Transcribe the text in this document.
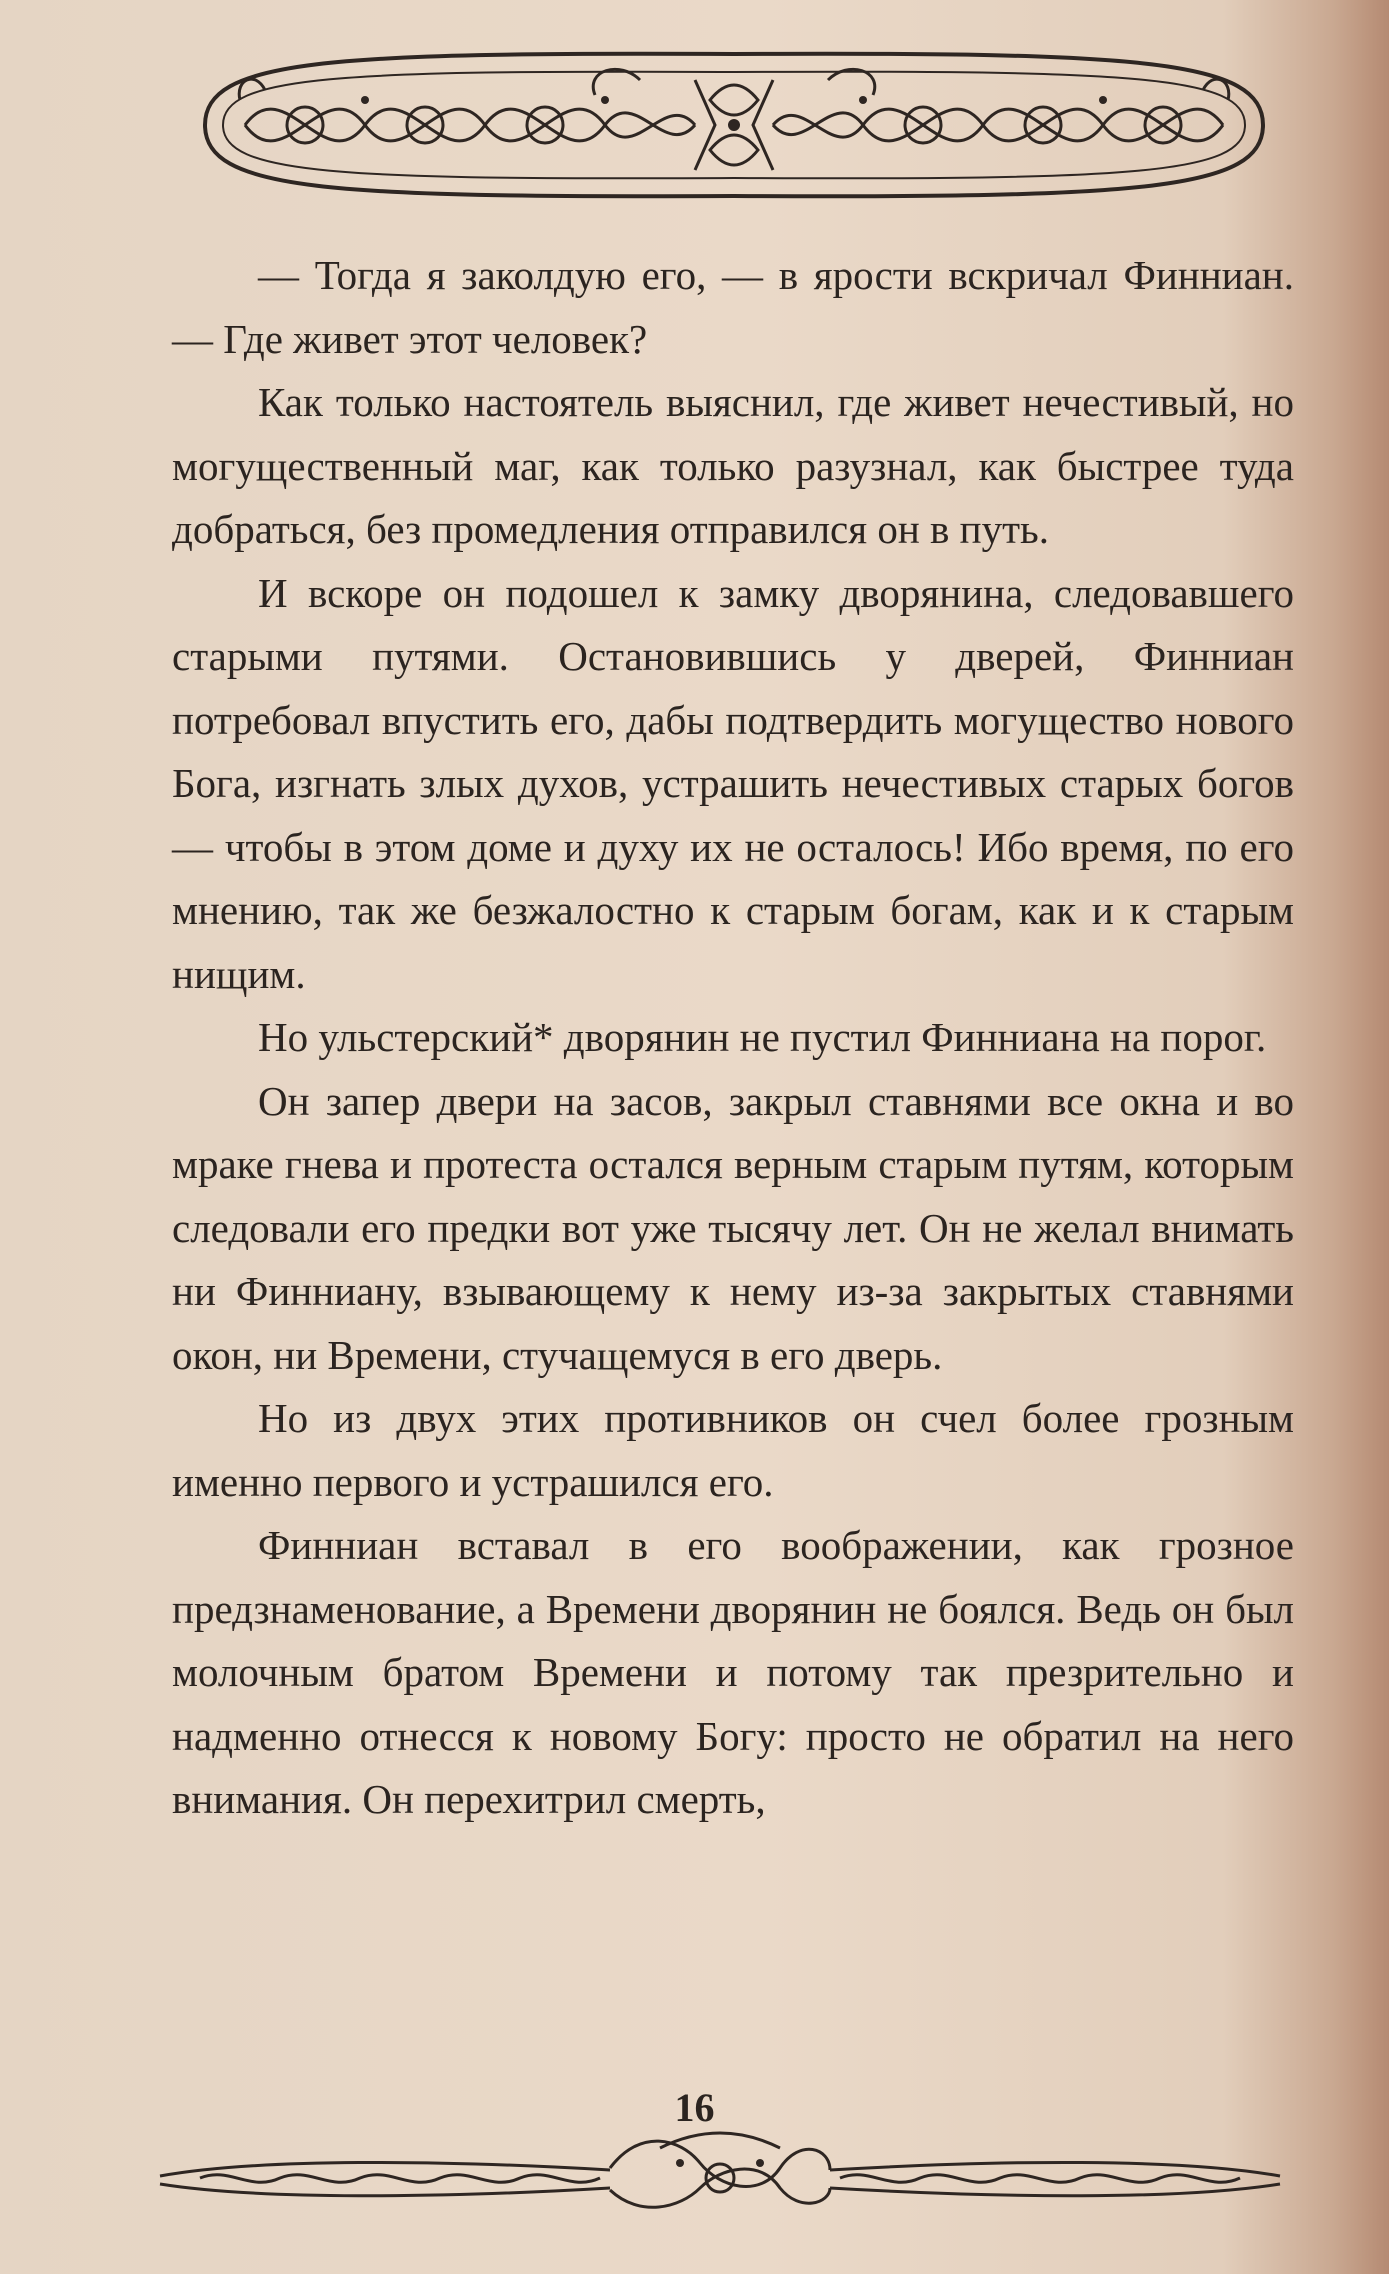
— Тогда я заколдую его, — в ярости вскричал Финниан. — Где живет этот человек?

Как только настоятель выяснил, где живет нечестивый, но могущественный маг, как только разузнал, как быстрее туда добраться, без промедления отправился он в путь.

И вскоре он подошел к замку дворянина, следовавшего старыми путями. Остановившись у дверей, Финниан потребовал впустить его, дабы подтвердить могущество нового Бога, изгнать злых духов, устрашить нечестивых старых богов — чтобы в этом доме и духу их не осталось! Ибо время, по его мнению, так же безжалостно к старым богам, как и к старым нищим.

Но ульстерский* дворянин не пустил Финниана на порог.

Он запер двери на засов, закрыл ставнями все окна и во мраке гнева и протеста остался верным старым путям, которым следовали его предки вот уже тысячу лет. Он не желал внимать ни Финниану, взывающему к нему из-за закрытых ставнями окон, ни Времени, стучащемуся в его дверь.

Но из двух этих противников он счел более грозным именно первого и устрашился его.

Финниан вставал в его воображении, как грозное предзнаменование, а Времени дворянин не боялся. Ведь он был молочным братом Времени и потому так презрительно и надменно отнесся к новому Богу: просто не обратил на него внимания. Он перехитрил смерть,

16
